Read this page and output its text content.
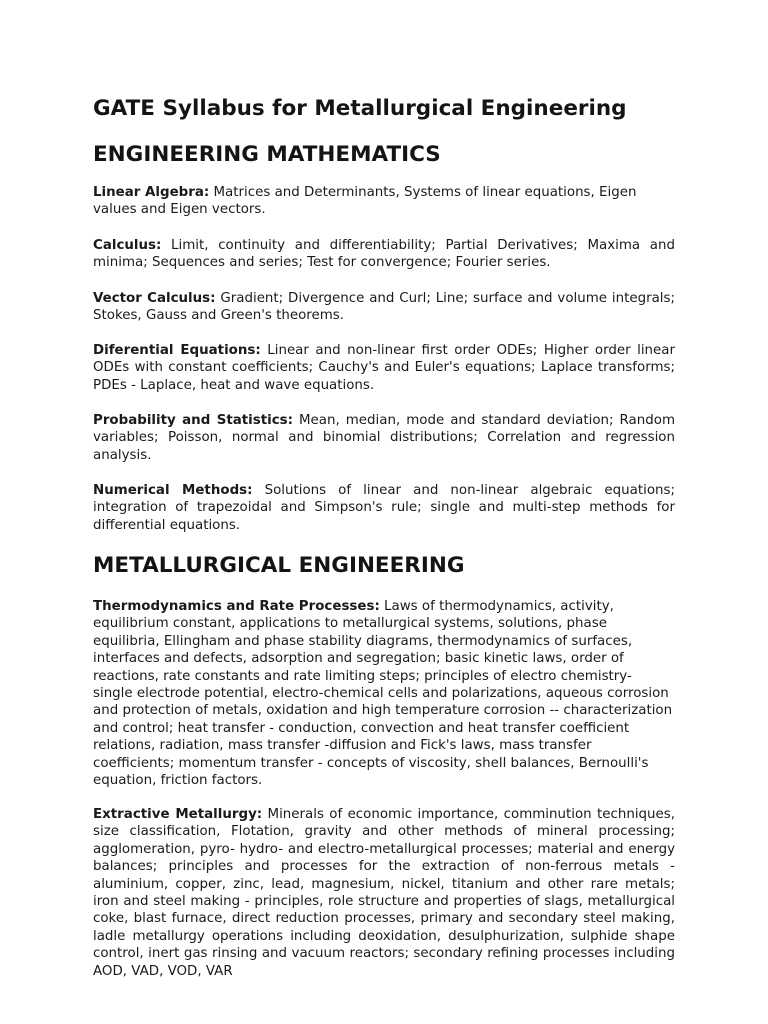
GATE Syllabus for Metallurgical Engineering
ENGINEERING MATHEMATICS

Linear Algebra: Matrices and Determinants, Systems of linear equations, Eigen values and Eigen vectors.

Calculus: Limit, continuity and differentiability; Partial Derivatives; Maxima and minima; Sequences and series; Test for convergence; Fourier series.

Vector Calculus: Gradient; Divergence and Curl; Line; surface and volume integrals; Stokes, Gauss and Green's theorems.

Diferential Equations: Linear and non-linear first order ODEs; Higher order linear ODEs with constant coefficients; Cauchy's and Euler's equations; Laplace transforms; PDEs - Laplace, heat and wave equations.

Probability and Statistics: Mean, median, mode and standard deviation; Random variables; Poisson, normal and binomial distributions; Correlation and regression analysis.

Numerical Methods: Solutions of linear and non-linear algebraic equations; integration of trapezoidal and Simpson's rule; single and multi-step methods for differential equations.

METALLURGICAL ENGINEERING

Thermodynamics and Rate Processes: Laws of thermodynamics, activity, equilibrium constant, applications to metallurgical systems, solutions, phase equilibria, Ellingham and phase stability diagrams, thermodynamics of surfaces, interfaces and defects, adsorption and segregation; basic kinetic laws, order of reactions, rate constants and rate limiting steps; principles of electro chemistry- single electrode potential, electro-chemical cells and polarizations, aqueous corrosion and protection of metals, oxidation and high temperature corrosion -- characterization and control; heat transfer - conduction, convection and heat transfer coefficient relations, radiation, mass transfer -diffusion and Fick's laws, mass transfer coefficients; momentum transfer - concepts of viscosity, shell balances, Bernoulli's equation, friction factors.

Extractive Metallurgy: Minerals of economic importance, comminution techniques, size classification, Flotation, gravity and other methods of mineral processing; agglomeration, pyro- hydro- and electro-metallurgical processes; material and energy balances; principles and processes for the extraction of non-ferrous metals - aluminium, copper, zinc, lead, magnesium, nickel, titanium and other rare metals; iron and steel making - principles, role structure and properties of slags, metallurgical coke, blast furnace, direct reduction processes, primary and secondary steel making, ladle metallurgy operations including deoxidation, desulphurization, sulphide shape control, inert gas rinsing and vacuum reactors; secondary refining processes including AOD, VAD, VOD, VAR
